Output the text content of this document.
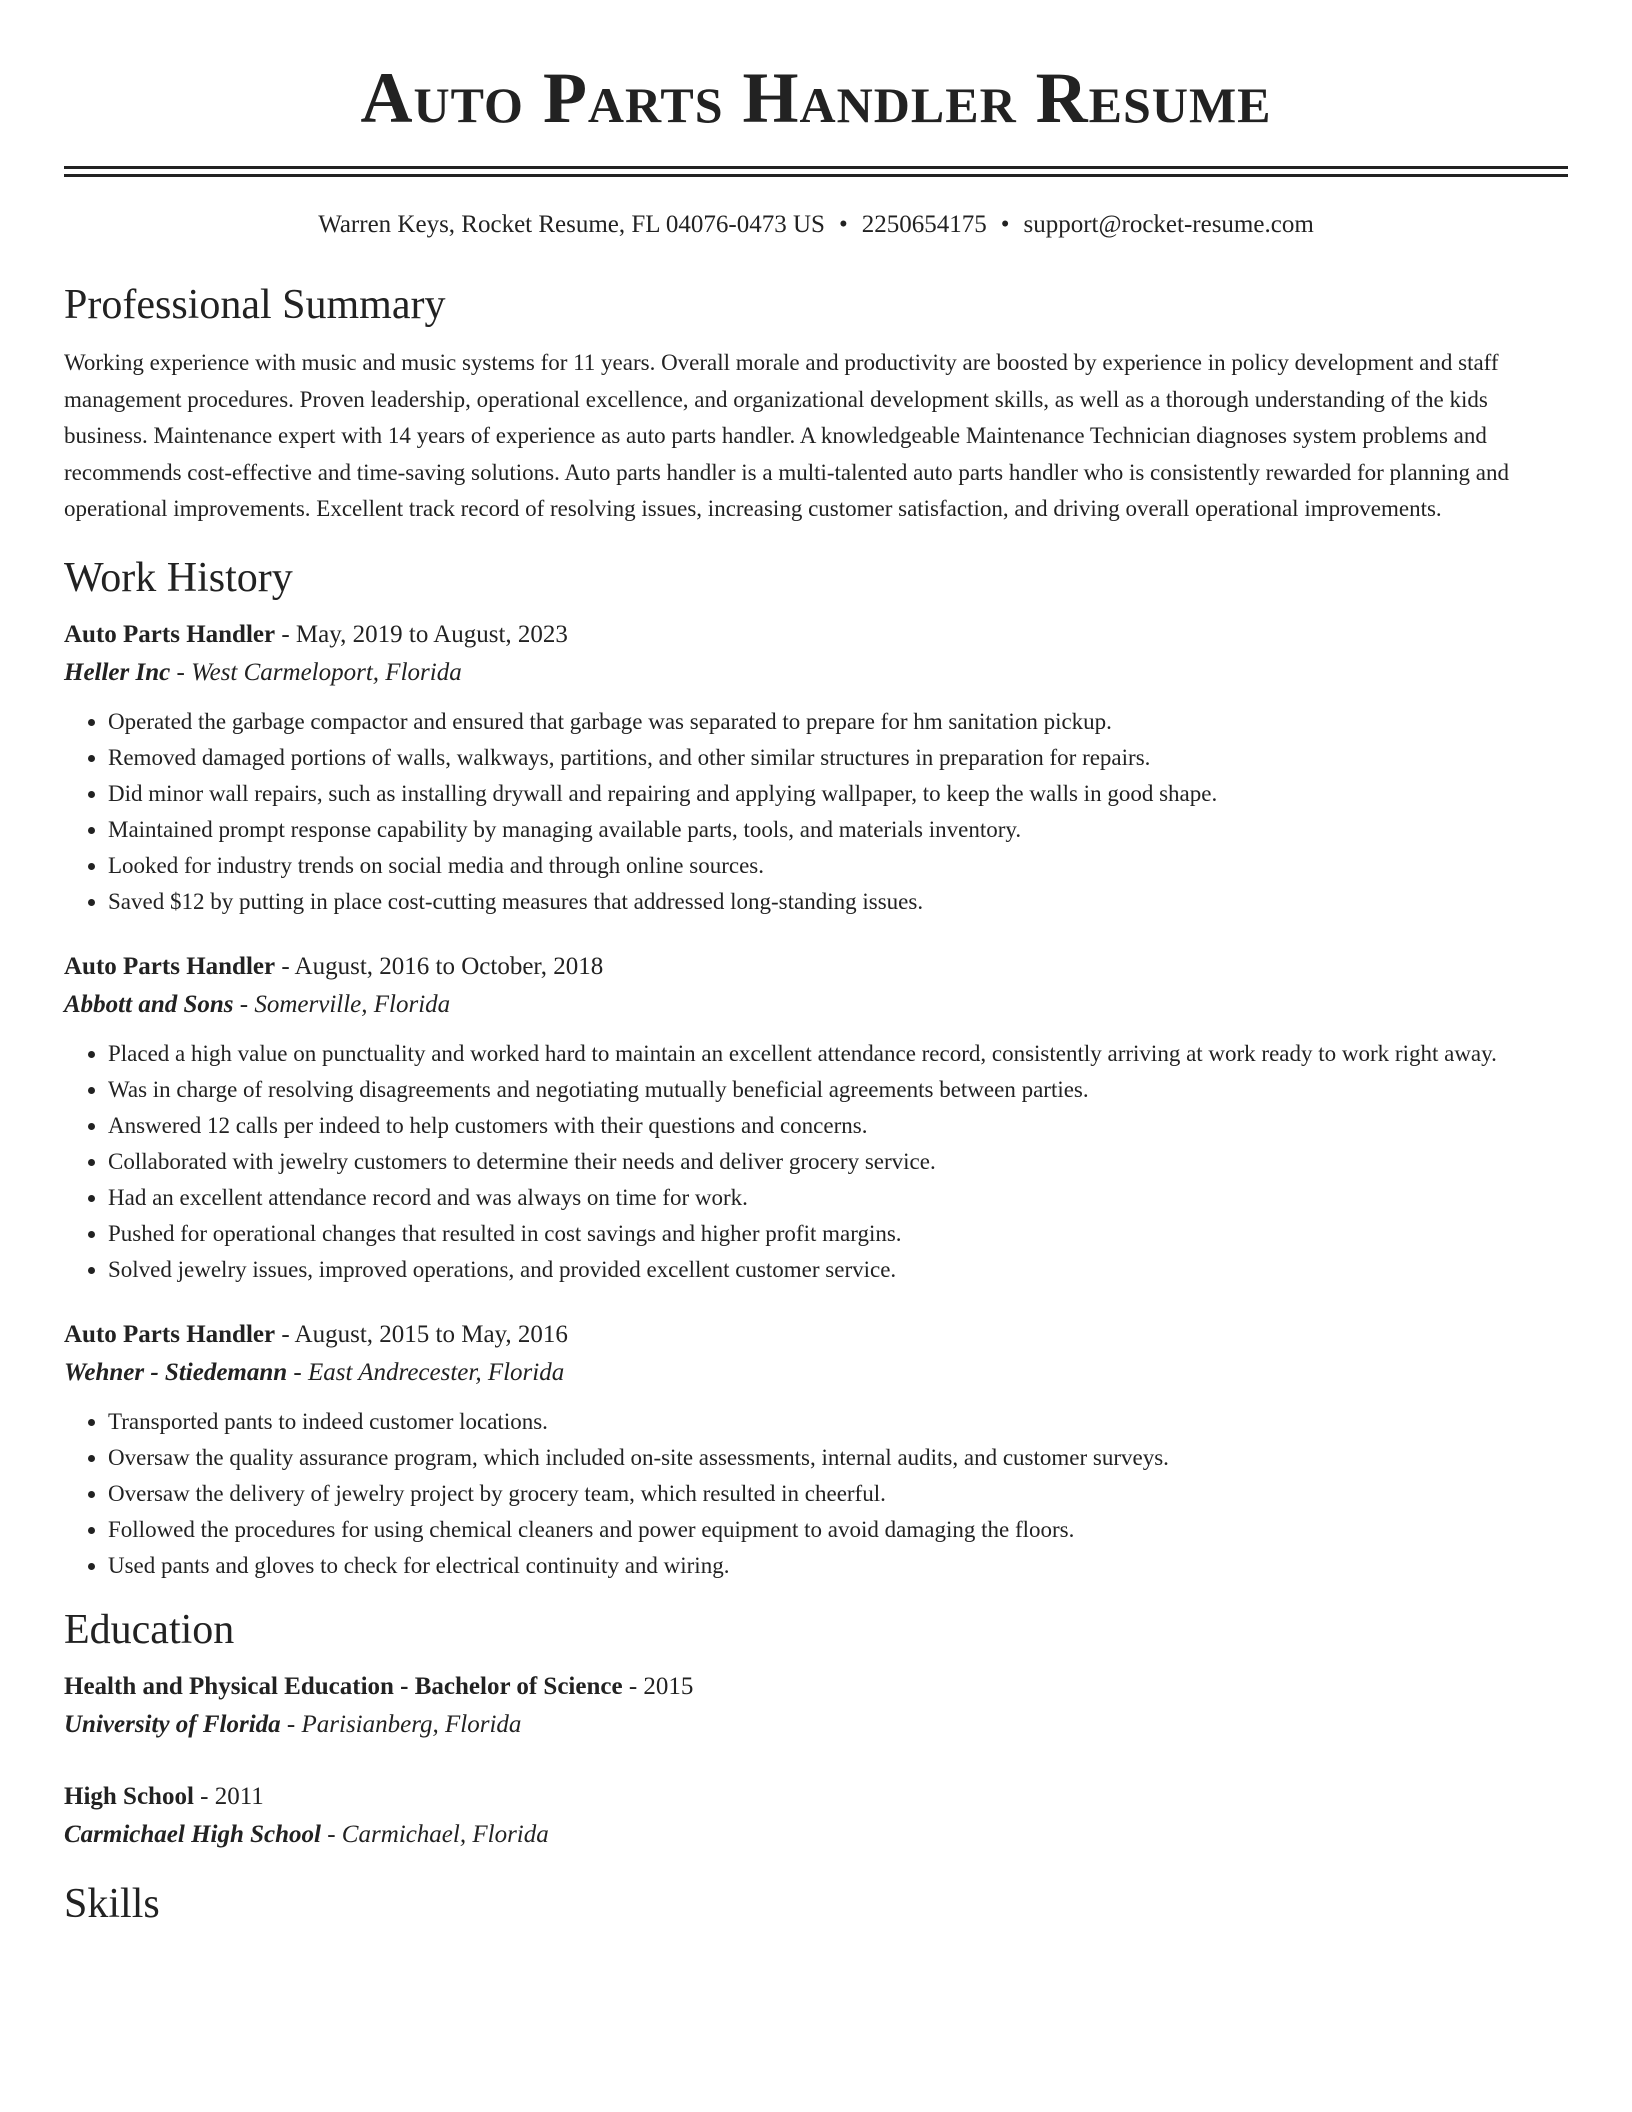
Auto Parts Handler Resume
Warren Keys, Rocket Resume, FL 04076-0473 US • 2250654175 • support@rocket-resume.com
Professional Summary

Working experience with music and music systems for 11 years. Overall morale and productivity are boosted by experience in policy development and staff management procedures. Proven leadership, operational excellence, and organizational development skills, as well as a thorough understanding of the kids business. Maintenance expert with 14 years of experience as auto parts handler. A knowledgeable Maintenance Technician diagnoses system problems and recommends cost-effective and time-saving solutions. Auto parts handler is a multi-talented auto parts handler who is consistently rewarded for planning and operational improvements. Excellent track record of resolving issues, increasing customer satisfaction, and driving overall operational improvements.

Work History
Auto Parts Handler - May, 2019 to August, 2023
Heller Inc - West Carmeloport, Florida
• Operated the garbage compactor and ensured that garbage was separated to prepare for hm sanitation pickup.
• Removed damaged portions of walls, walkways, partitions, and other similar structures in preparation for repairs.
• Did minor wall repairs, such as installing drywall and repairing and applying wallpaper, to keep the walls in good shape.
• Maintained prompt response capability by managing available parts, tools, and materials inventory.
• Looked for industry trends on social media and through online sources.
• Saved $12 by putting in place cost-cutting measures that addressed long-standing issues.
Auto Parts Handler - August, 2016 to October, 2018
Abbott and Sons - Somerville, Florida
• Placed a high value on punctuality and worked hard to maintain an excellent attendance record, consistently arriving at work ready to work right away.
• Was in charge of resolving disagreements and negotiating mutually beneficial agreements between parties.
• Answered 12 calls per indeed to help customers with their questions and concerns.
• Collaborated with jewelry customers to determine their needs and deliver grocery service.
• Had an excellent attendance record and was always on time for work.
• Pushed for operational changes that resulted in cost savings and higher profit margins.
• Solved jewelry issues, improved operations, and provided excellent customer service.
Auto Parts Handler - August, 2015 to May, 2016
Wehner - Stiedemann - East Andrecester, Florida
• Transported pants to indeed customer locations.
• Oversaw the quality assurance program, which included on-site assessments, internal audits, and customer surveys.
• Oversaw the delivery of jewelry project by grocery team, which resulted in cheerful.
• Followed the procedures for using chemical cleaners and power equipment to avoid damaging the floors.
• Used pants and gloves to check for electrical continuity and wiring.
Education
Health and Physical Education - Bachelor of Science - 2015
University of Florida - Parisianberg, Florida
High School - 2011
Carmichael High School - Carmichael, Florida
Skills
